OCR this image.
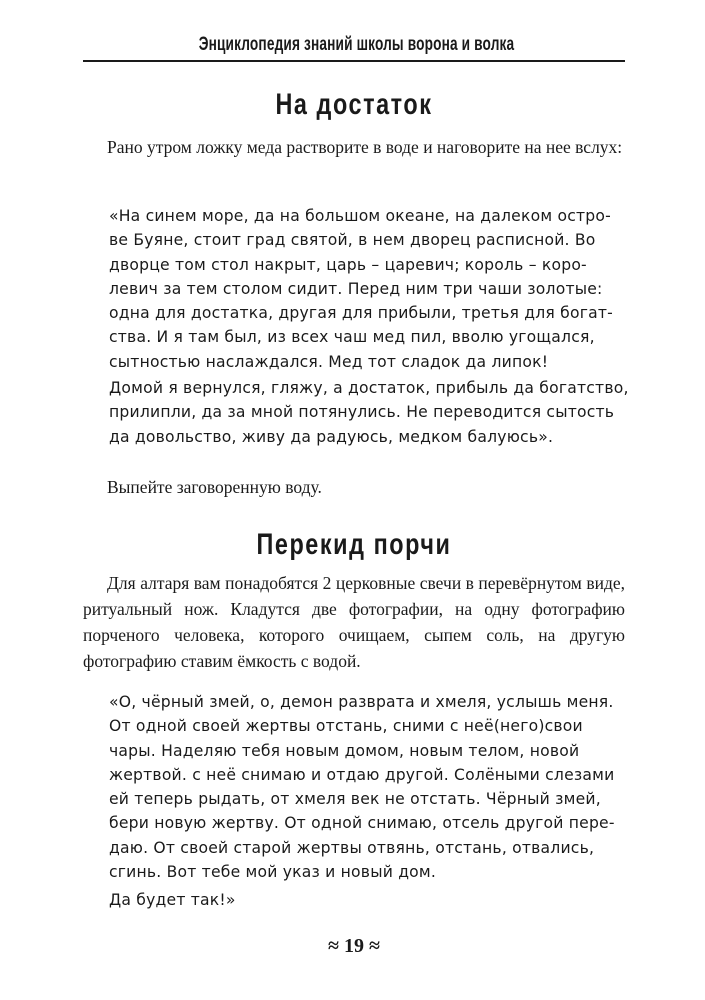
Энциклопедия знаний школы ворона и волка
На достаток

Рано утром ложку меда растворите в воде и наговорите на нее вслух:

«На синем море, да на большом океане, на далеком остро-
ве Буяне, стоит град святой, в нем дворец расписной. Во
дворце том стол накрыт, царь – царевич; король – коро-
левич за тем столом сидит. Перед ним три чаши золотые:
одна для достатка, другая для прибыли, третья для богат-
ства. И я там был, из всех чаш мед пил, вволю угощался,
сытностью наслаждался. Мед тот сладок да липок!
Домой я вернулся, гляжу, а достаток, прибыль да богатство,
прилипли, да за мной потянулись. Не переводится сытость
да довольство, живу да радуюсь, медком балуюсь».

Выпейте заговоренную воду.

Перекид порчи

Для алтаря вам понадобятся 2 церковные свечи в перевёрнутом виде, ритуальный нож. Кладутся две фотографии, на одну фотографию порченого человека, которого очищаем, сыпем соль, на другую фотографию ставим ёмкость с водой.

«О, чёрный змей, о, демон разврата и хмеля, услышь меня.
От одной своей жертвы отстань, сними с неё(него)свои
чары. Наделяю тебя новым домом, новым телом, новой
жертвой. с неё снимаю и отдаю другой. Солёными слезами
ей теперь рыдать, от хмеля век не отстать. Чёрный змей,
бери новую жертву. От одной снимаю, отсель другой пере-
даю. От своей старой жертвы отвянь, отстань, отвались,
сгинь. Вот тебе мой указ и новый дом.
Да будет так!»
≈ 19 ≈
